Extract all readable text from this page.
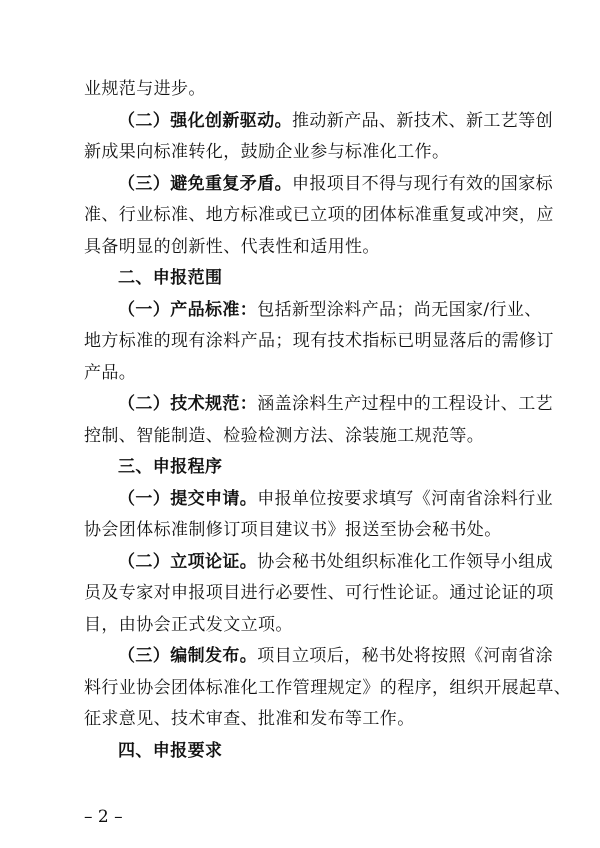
业规范与进步。
（二）强化创新驱动。推动新产品、新技术、新工艺等创
新成果向标准转化，鼓励企业参与标准化工作。
（三）避免重复矛盾。申报项目不得与现行有效的国家标
准、行业标准、地方标准或已立项的团体标准重复或冲突，应
具备明显的创新性、代表性和适用性。
二、申报范围
（一）产品标准：包括新型涂料产品；尚无国家/行业、
地方标准的现有涂料产品；现有技术指标已明显落后的需修订
产品。
（二）技术规范：涵盖涂料生产过程中的工程设计、工艺
控制、智能制造、检验检测方法、涂装施工规范等。
三、申报程序
（一）提交申请。申报单位按要求填写《河南省涂料行业
协会团体标准制修订项目建议书》报送至协会秘书处。
（二）立项论证。协会秘书处组织标准化工作领导小组成
员及专家对申报项目进行必要性、可行性论证。通过论证的项
目，由协会正式发文立项。
（三）编制发布。项目立项后，秘书处将按照《河南省涂
料行业协会团体标准化工作管理规定》的程序，组织开展起草、
征求意见、技术审查、批准和发布等工作。
四、申报要求
– 2 –
